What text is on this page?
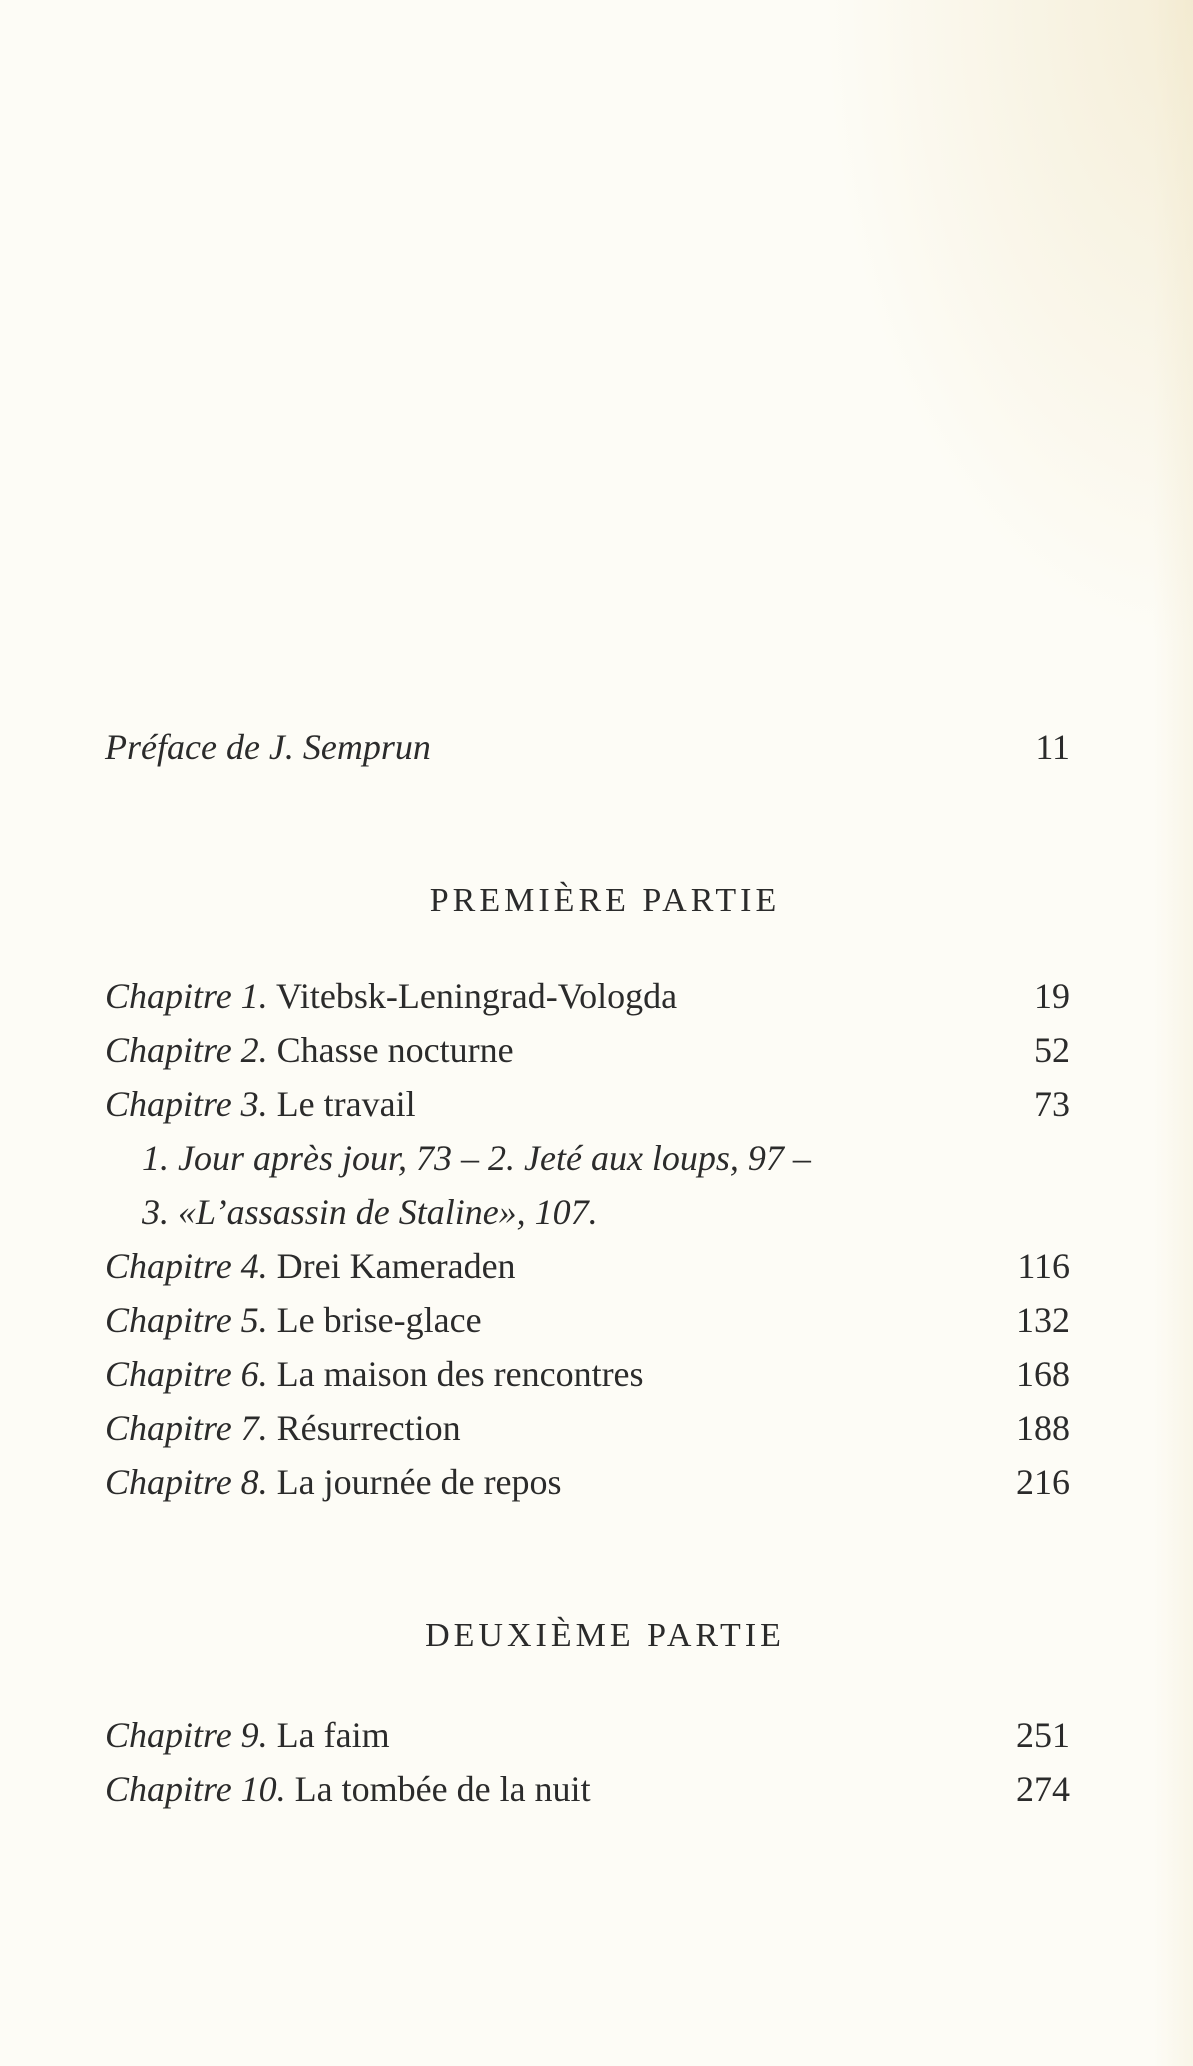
Préface de J. Semprun	11
PREMIÈRE PARTIE
Chapitre 1. Vitebsk-Leningrad-Vologda	19
Chapitre 2. Chasse nocturne	52
Chapitre 3. Le travail	73
1. Jour après jour, 73 – 2. Jeté aux loups, 97 –
3. «L’assassin de Staline», 107.
Chapitre 4. Drei Kameraden	116
Chapitre 5. Le brise-glace	132
Chapitre 6. La maison des rencontres	168
Chapitre 7. Résurrection	188
Chapitre 8. La journée de repos	216
DEUXIÈME PARTIE
Chapitre 9. La faim	251
Chapitre 10. La tombée de la nuit	274
